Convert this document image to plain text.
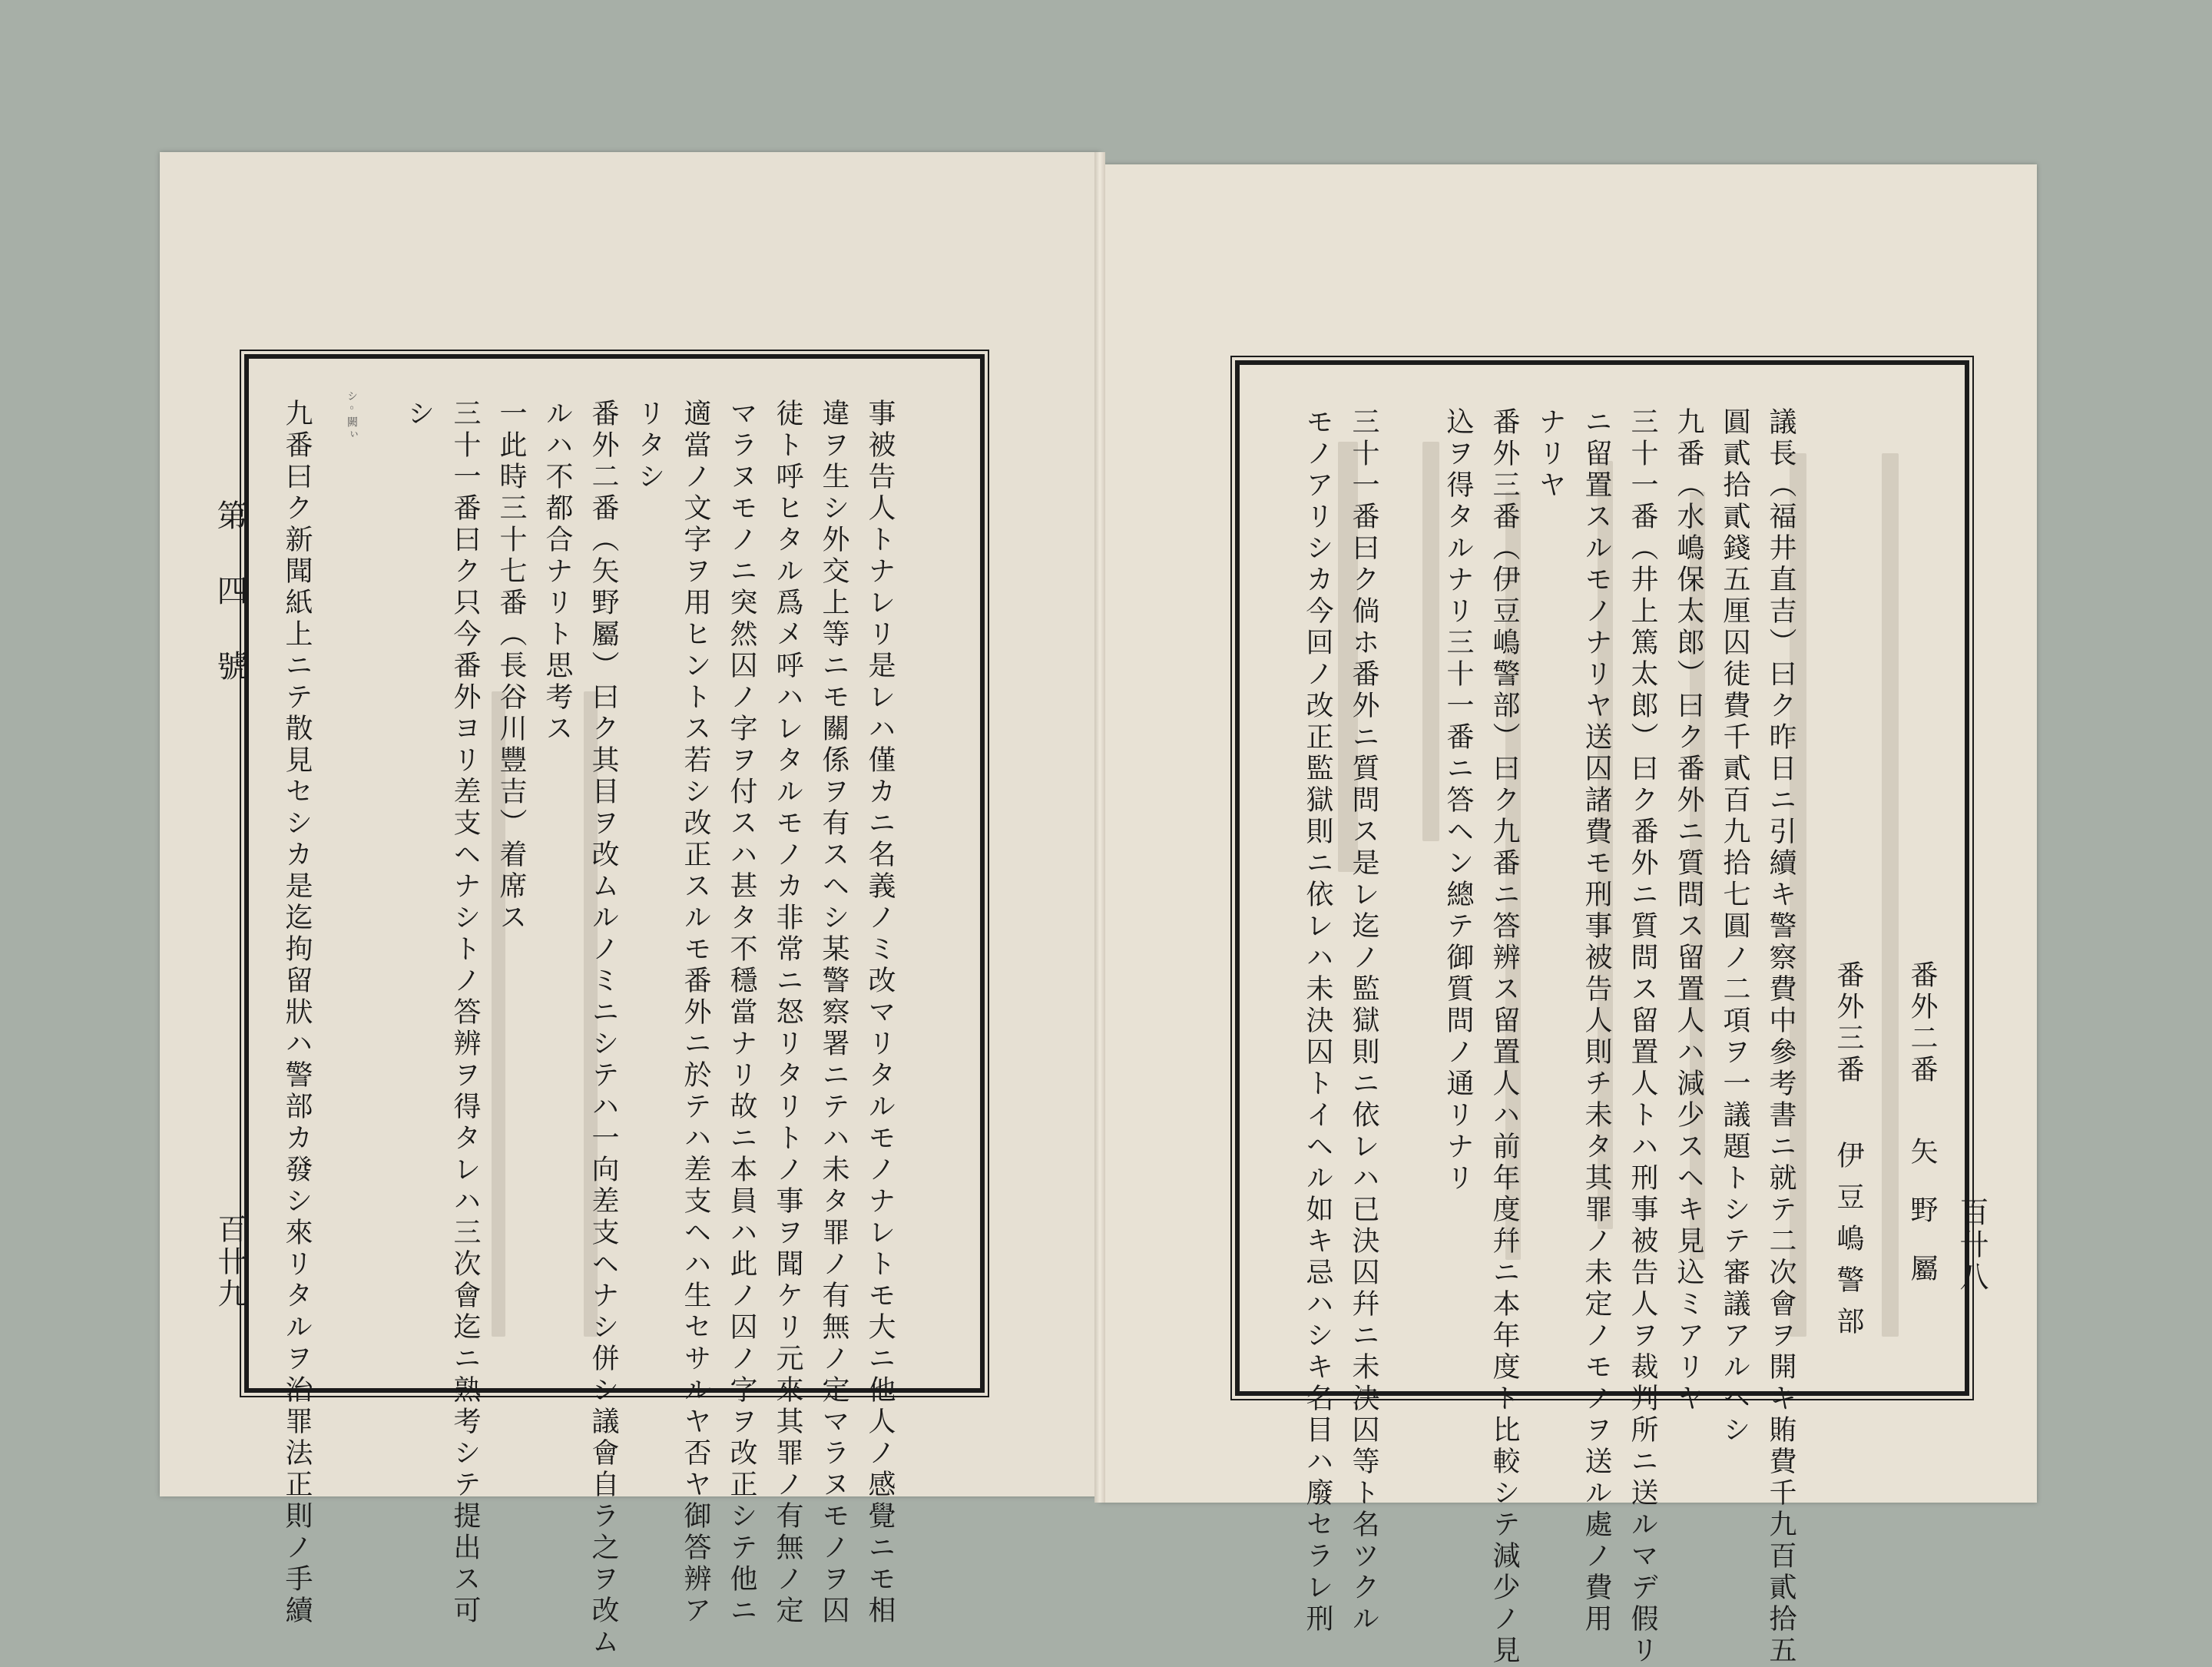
シ◦闕ぃ	事被告人トナレリ是レハ僅カニ名義ノミ改マリタルモノナレトモ大ニ他人ノ感覺ニモ相
違ヲ生シ外交上等ニモ關係ヲ有スヘシ某警察署ニテハ未タ罪ノ有無ノ定マラヌモノヲ囚
徒ト呼ヒタル爲メ呼ハレタルモノカ非常ニ怒リタリトノ事ヲ聞ケリ元來其罪ノ有無ノ定
マラヌモノニ突然囚ノ字ヲ付スハ甚タ不穩當ナリ故ニ本員ハ此ノ囚ノ字ヲ改正シテ他ニ
適當ノ文字ヲ用ヒントス若シ改正スルモ番外ニ於テハ差支ヘハ生セサルヤ否ヤ御答辨ア
リタシ
番外二番（矢野屬）曰ク其目ヲ改ムルノミニシテハ一向差支ヘナシ併シ議會自ラ之ヲ改ム
ルハ不都合ナリト思考ス
一此時三十七番（長谷川豐吉）着席ス
三十一番曰ク只今番外ヨリ差支ヘナシトノ答辨ヲ得タレハ三次會迄ニ熟考シテ提出ス可
シ
九番曰ク新聞紙上ニテ散見セシカ是迄拘留狀ハ警部カ發シ來リタルヲ治罪法正則ノ手續
第四號
百卄九	百卄八
番外二番
矢野屬
番外三番
伊豆嶋警部
議長（福井直吉）曰ク昨日ニ引續キ警察費中參考書ニ就テ二次會ヲ開キ賄費千九百貳拾五
圓貳拾貳錢五厘囚徒費千貳百九拾七圓ノ二項ヲ一議題トシテ審議アルヘシ
九番（水嶋保太郎）曰ク番外ニ質問ス留置人ハ減少スヘキ見込ミアリヤ
三十一番（井上篤太郎）曰ク番外ニ質問ス留置人トハ刑事被告人ヲ裁判所ニ送ルマデ假リ
ニ留置スルモノナリヤ送囚諸費モ刑事被告人則チ未タ其罪ノ未定ノモノヲ送ル處ノ費用
ナリヤ
番外三番（伊豆嶋警部）曰ク九番ニ答辨ス留置人ハ前年度幷ニ本年度ト比較シテ減少ノ見
込ヲ得タルナリ三十一番ニ答ヘン總テ御質問ノ通リナリ
三十一番曰ク倘ホ番外ニ質問ス是レ迄ノ監獄則ニ依レハ已決囚幷ニ未決囚等ト名ツクル
モノアリシカ今回ノ改正監獄則ニ依レハ未決囚トイヘル如キ忌ハシキ名目ハ廢セラレ刑
